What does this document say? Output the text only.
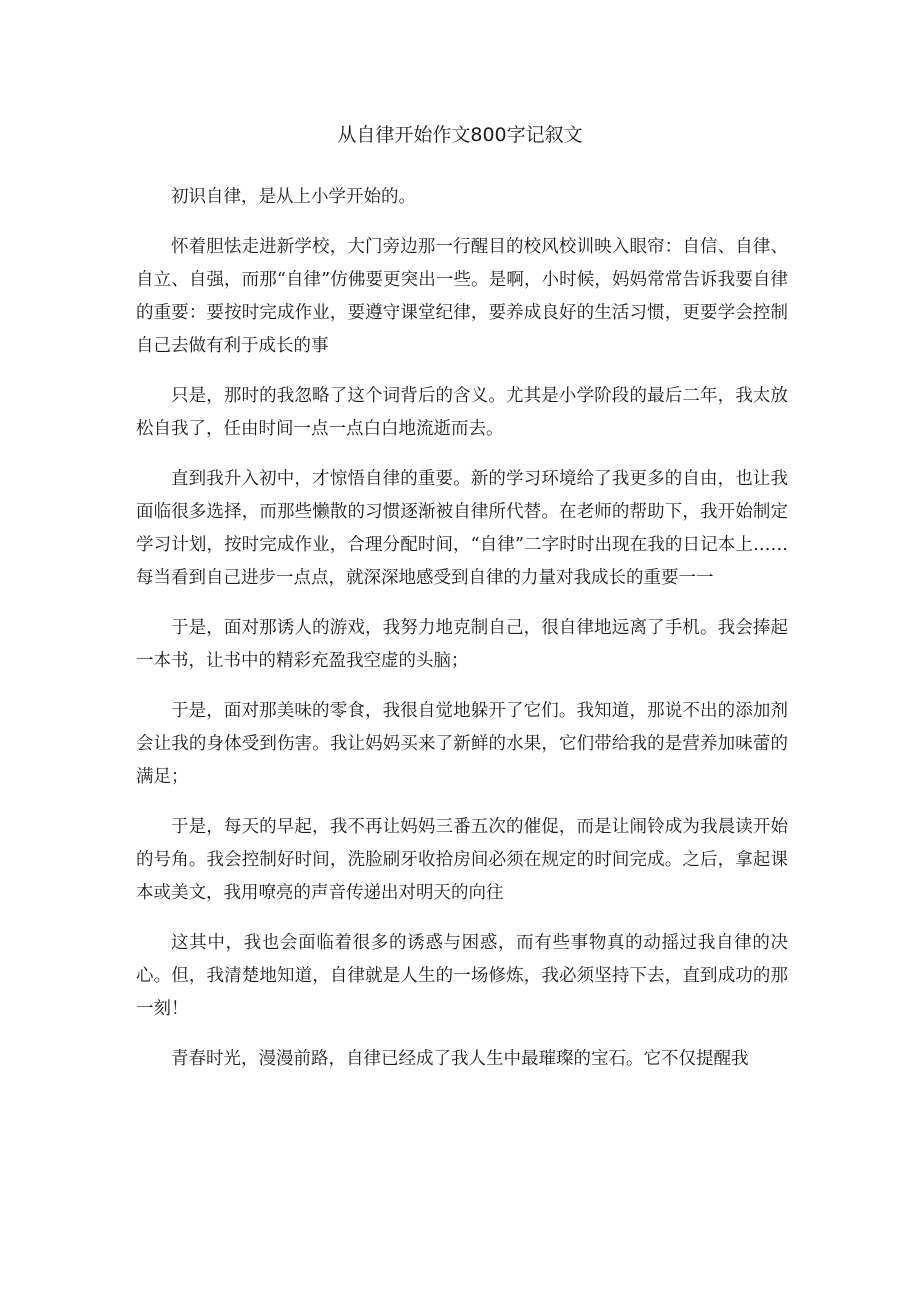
从自律开始作文800字记叙文

初识自律，是从上小学开始的。

怀着胆怯走进新学校，大门旁边那一行醒目的校风校训映入眼帘：自信、自律、自立、自强，而那“自律”仿佛要更突出一些。是啊，小时候，妈妈常常告诉我要自律的重要：要按时完成作业，要遵守课堂纪律，要养成良好的生活习惯，更要学会控制自己去做有利于成长的事

只是，那时的我忽略了这个词背后的含义。尤其是小学阶段的最后二年，我太放松自我了，任由时间一点一点白白地流逝而去。

直到我升入初中，才惊悟自律的重要。新的学习环境给了我更多的自由，也让我面临很多选择，而那些懒散的习惯逐渐被自律所代替。在老师的帮助下，我开始制定学习计划，按时完成作业，合理分配时间，“自律”二字时时出现在我的日记本上……每当看到自己进步一点点，就深深地感受到自律的力量对我成长的重要一一

于是，面对那诱人的游戏，我努力地克制自己，很自律地远离了手机。我会捧起一本书，让书中的精彩充盈我空虚的头脑；

于是，面对那美味的零食，我很自觉地躲开了它们。我知道，那说不出的添加剂会让我的身体受到伤害。我让妈妈买来了新鲜的水果，它们带给我的是营养加味蕾的满足；

于是，每天的早起，我不再让妈妈三番五次的催促，而是让闹铃成为我晨读开始的号角。我会控制好时间，洗脸刷牙收拾房间必须在规定的时间完成。之后，拿起课本或美文，我用嘹亮的声音传递出对明天的向往

这其中，我也会面临着很多的诱惑与困惑，而有些事物真的动摇过我自律的决心。但，我清楚地知道，自律就是人生的一场修炼，我必须坚持下去，直到成功的那一刻！

青春时光，漫漫前路，自律已经成了我人生中最璀璨的宝石。它不仅提醒我
